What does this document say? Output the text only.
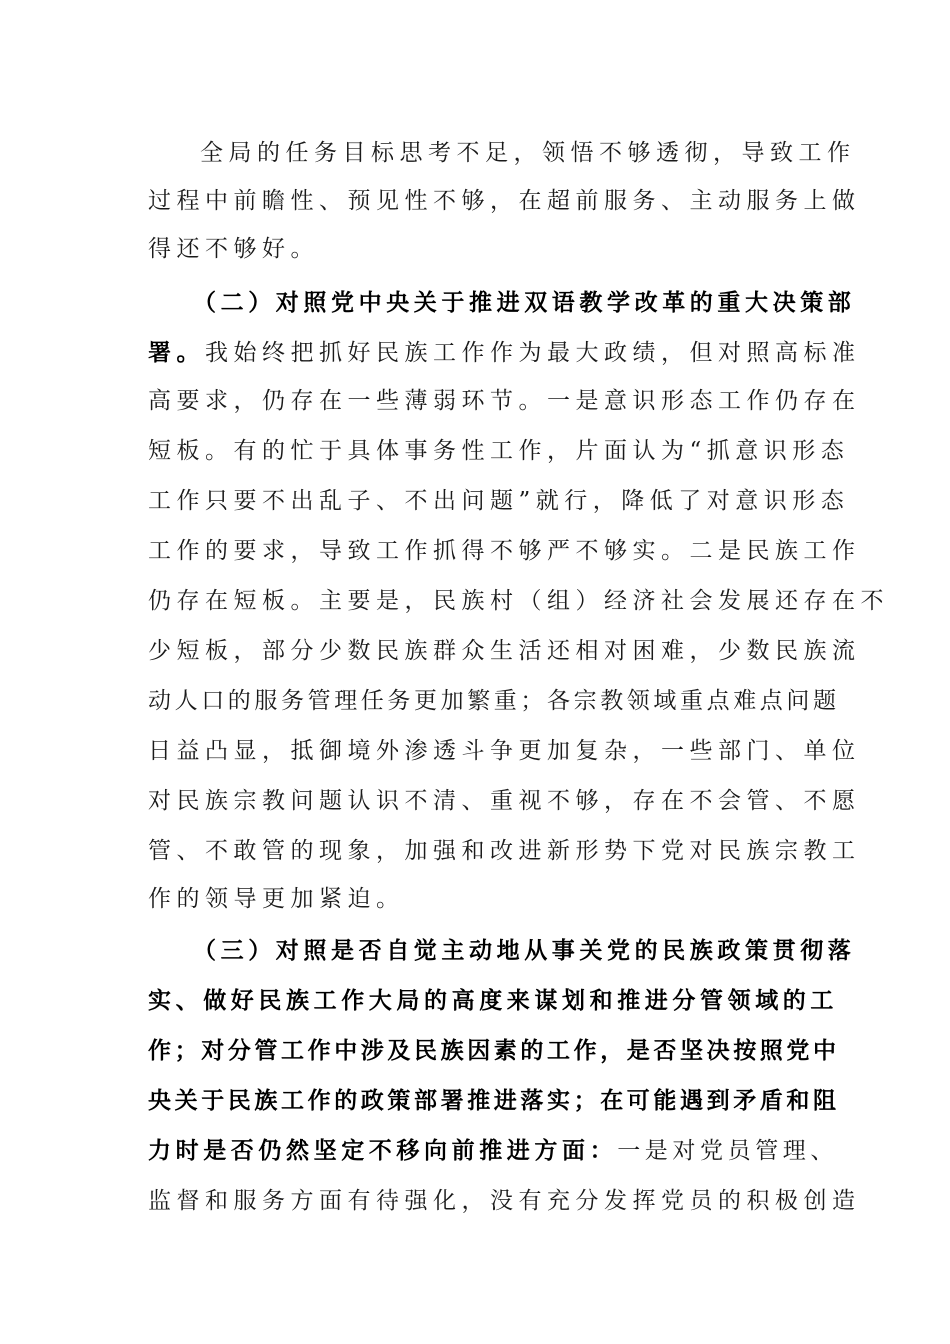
全局的任务目标思考不足，领悟不够透彻，导致工作
过程中前瞻性、预见性不够，在超前服务、主动服务上做
得还不够好。
（二）对照党中央关于推进双语教学改革的重大决策部
署。我始终把抓好民族工作作为最大政绩，但对照高标准
高要求，仍存在一些薄弱环节。一是意识形态工作仍存在
短板。有的忙于具体事务性工作，片面认为“抓意识形态
工作只要不出乱子、不出问题”就行，降低了对意识形态
工作的要求，导致工作抓得不够严不够实。二是民族工作
仍存在短板。主要是，民族村（组）经济社会发展还存在不
少短板，部分少数民族群众生活还相对困难，少数民族流
动人口的服务管理任务更加繁重；各宗教领域重点难点问题
日益凸显，抵御境外渗透斗争更加复杂，一些部门、单位
对民族宗教问题认识不清、重视不够，存在不会管、不愿
管、不敢管的现象，加强和改进新形势下党对民族宗教工
作的领导更加紧迫。
（三）对照是否自觉主动地从事关党的民族政策贯彻落
实、做好民族工作大局的高度来谋划和推进分管领域的工
作；对分管工作中涉及民族因素的工作，是否坚决按照党中
央关于民族工作的政策部署推进落实；在可能遇到矛盾和阻
力时是否仍然坚定不移向前推进方面：一是对党员管理、
监督和服务方面有待强化，没有充分发挥党员的积极创造
